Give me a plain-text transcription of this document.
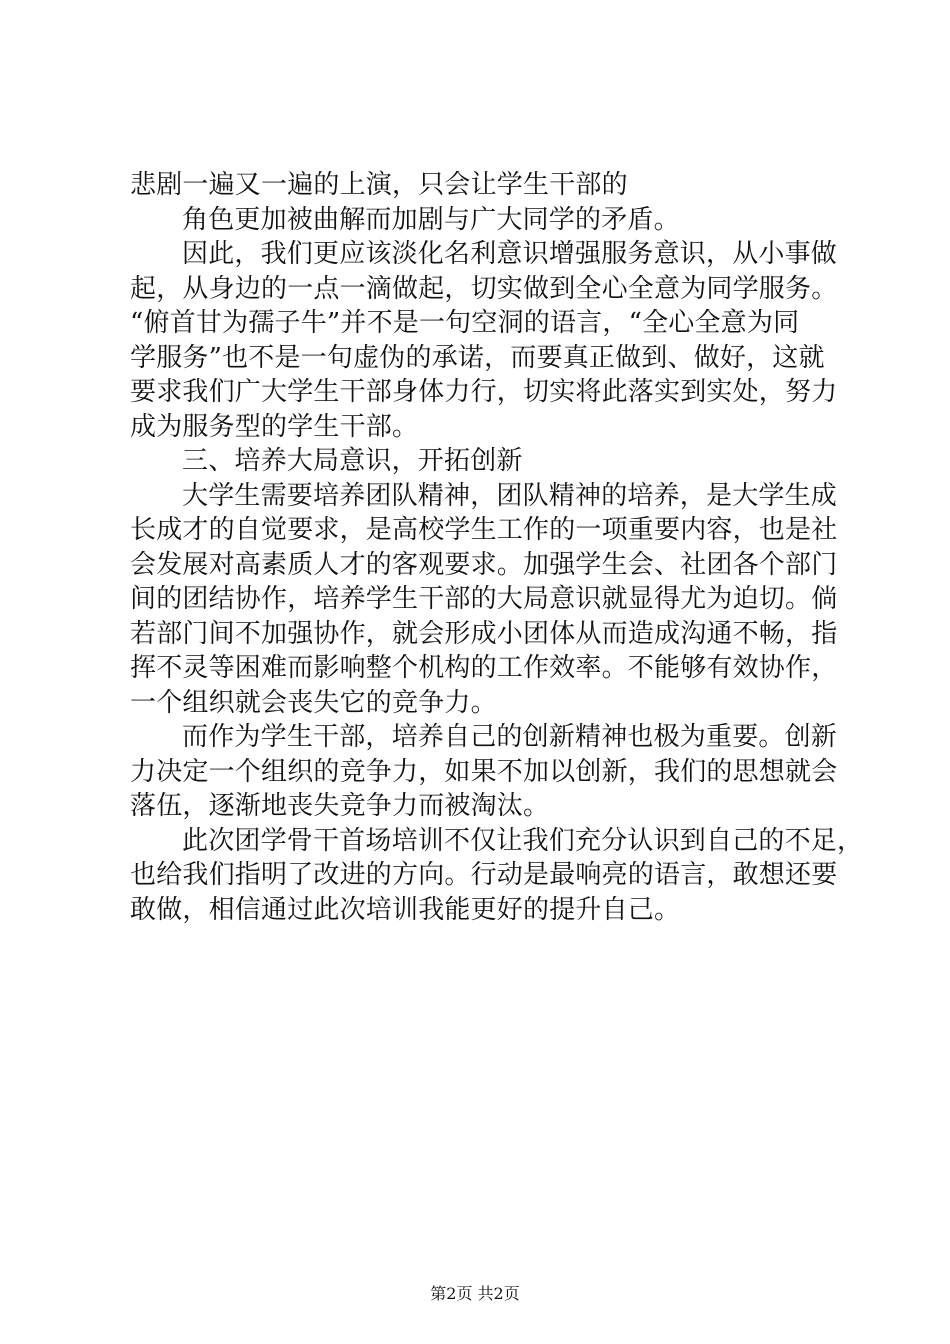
悲剧一遍又一遍的上演，只会让学生干部的
角色更加被曲解而加剧与广大同学的矛盾。
因此，我们更应该淡化名利意识增强服务意识，从小事做
起，从身边的一点一滴做起，切实做到全心全意为同学服务。
“俯首甘为孺子牛”并不是一句空洞的语言，“全心全意为同
学服务”也不是一句虚伪的承诺，而要真正做到、做好，这就
要求我们广大学生干部身体力行，切实将此落实到实处，努力
成为服务型的学生干部。
三、培养大局意识，开拓创新
大学生需要培养团队精神，团队精神的培养，是大学生成
长成才的自觉要求，是高校学生工作的一项重要内容，也是社
会发展对高素质人才的客观要求。加强学生会、社团各个部门
间的团结协作，培养学生干部的大局意识就显得尤为迫切。倘
若部门间不加强协作，就会形成小团体从而造成沟通不畅，指
挥不灵等困难而影响整个机构的工作效率。不能够有效协作，
一个组织就会丧失它的竞争力。
而作为学生干部，培养自己的创新精神也极为重要。创新
力决定一个组织的竞争力，如果不加以创新，我们的思想就会
落伍，逐渐地丧失竞争力而被淘汰。
此次团学骨干首场培训不仅让我们充分认识到自己的不足，
也给我们指明了改进的方向。行动是最响亮的语言，敢想还要
敢做，相信通过此次培训我能更好的提升自己。
第2页 共2页
